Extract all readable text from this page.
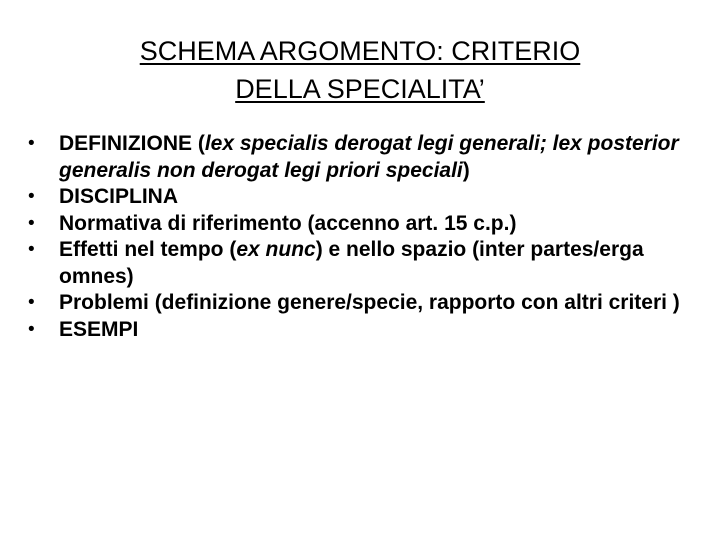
SCHEMA ARGOMENTO: CRITERIO
DELLA SPECIALITA’
• DEFINIZIONE (lex specialis derogat legi generali; lex posterior generalis non derogat legi priori speciali)
• DISCIPLINA
• Normativa di riferimento (accenno art. 15 c.p.)
• Effetti nel tempo (ex nunc) e nello spazio (inter partes/erga omnes)
• Problemi (definizione genere/specie, rapporto con altri criteri )
• ESEMPI
